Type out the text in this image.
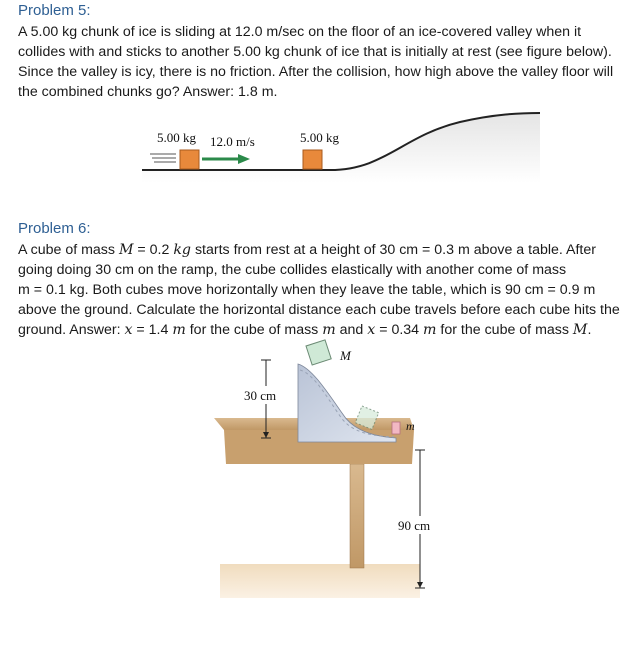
Problem 5:
A 5.00 kg chunk of ice is sliding at 12.0 m/sec on the floor of an ice-covered valley when it
collides with and sticks to another 5.00 kg chunk of ice that is initially at rest (see figure below).
Since the valley is icy, there is no friction. After the collision, how high above the valley floor will
the combined chunks go? Answer: 1.8 m.
5.00 kg 12.0 m/s	5.00 kg
Problem 6:
A cube of mass M = 0.2 kg starts from rest at a height of 30 cm = 0.3 m above a table. After
going doing 30 cm on the ramp, the cube collides elastically with another come of mass
m = 0.1 kg. Both cubes move horizontally when they leave the table, which is 90 cm = 0.9 m
above the ground. Calculate the horizontal distance each cube travels before each cube hits the
ground. Answer: x = 1.4 m for the cube of mass m and x = 0.34 m for the cube of mass M.
30 cm
M
m
90 cm
